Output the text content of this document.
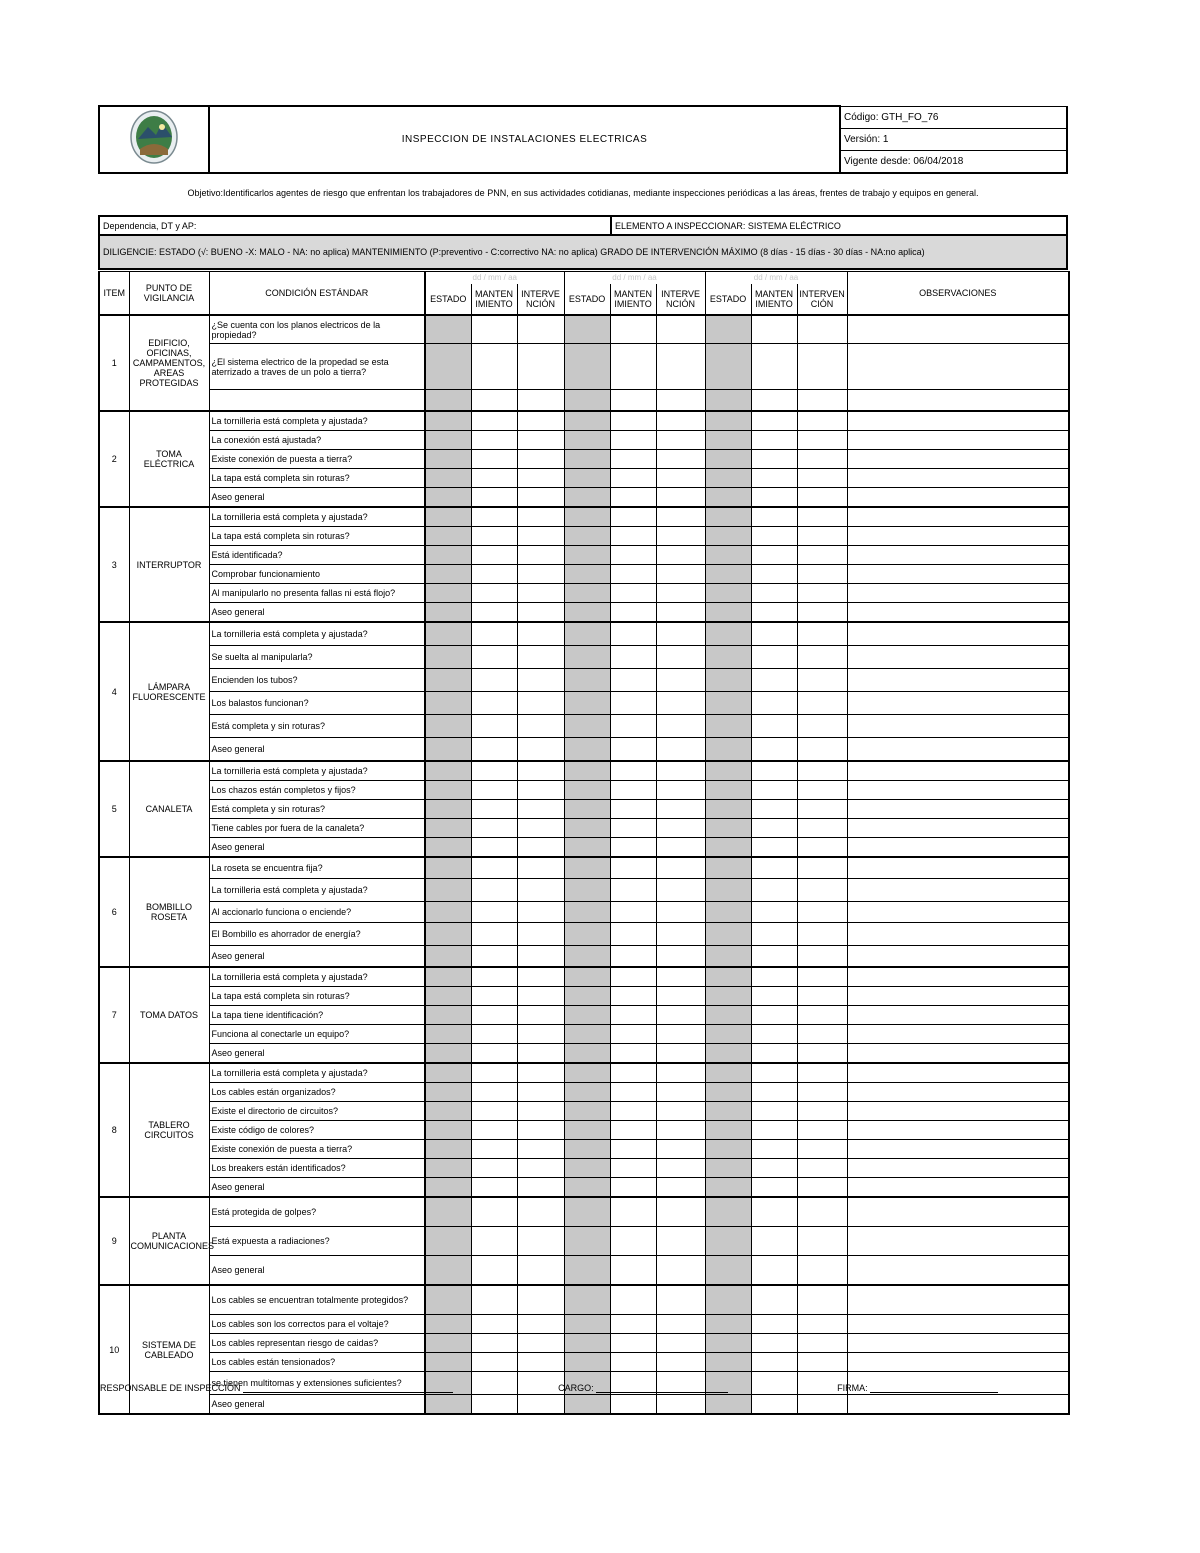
	INSPECCION DE INSTALACIONES ELECTRICAS	Código: GTH_FO_76
Versión: 1
Vigente desde: 06/04/2018
Objetivo:Identificarlos agentes de riesgo que enfrentan los trabajadores de PNN, en sus actividades cotidianas, mediante inspecciones periódicas a las áreas, frentes de trabajo y equipos en general.
Dependencia, DT y AP:	ELEMENTO A INSPECCIONAR: SISTEMA ELÉCTRICO
DILIGENCIE: ESTADO (√: BUENO -X: MALO - NA: no aplica) MANTENIMIENTO (P:preventivo - C:correctivo NA: no aplica) GRADO DE INTERVENCIÓN MÁXIMO (8 días - 15 días - 30 días - NA:no aplica)
ITEM	PUNTO DE VIGILANCIA	CONDICIÓN ESTÁNDAR	dd / mm / aa			dd / mm / aa			dd / mm / aa			OBSERVACIONES
			ESTADO	MANTEN IMIENTO	INTERVE NCIÓN	ESTADO	MANTEN IMIENTO	INTERVE NCIÓN	ESTADO	MANTEN IMIENTO	INTERVEN CIÓN	
1	EDIFICIO, OFICINAS, CAMPAMENTOS, AREAS PROTEGIDAS	¿Se cuenta con los planos electricos de la propiedad?										
		¿El sistema electrico de la propedad se esta aterrizado a traves de un polo a tierra?										

2	TOMA ELÉCTRICA	La tornilleria está completa y ajustada?										
		La conexión está ajustada?										
		Existe conexión de puesta a tierra?										
		La tapa está completa sin roturas?										
		Aseo general										
3	INTERRUPTOR	La tornilleria está completa y ajustada?										
		La tapa está completa sin roturas?										
		Está identificada?										
		Comprobar funcionamiento										
		Al manipularlo no presenta fallas ni está flojo?										
		Aseo general										
4	LÁMPARA FLUORESCENTE	La tornilleria está completa y ajustada?										
		Se suelta al manipularla?										
		Encienden los tubos?										
		Los balastos funcionan?										
		Está completa y sin roturas?										
		Aseo general										
5	CANALETA	La tornilleria está completa y ajustada?										
		Los chazos están completos y fijos?										
		Está completa y sin roturas?										
		Tiene cables por fuera de la canaleta?										
		Aseo general										
6	BOMBILLO ROSETA	La roseta se encuentra fija?										
		La tornilleria está completa y ajustada?										
		Al accionarlo funciona o enciende?										
		El Bombillo es ahorrador de energía?										
		Aseo general										
7	TOMA DATOS	La tornilleria está completa y ajustada?										
		La tapa está completa sin roturas?										
		La tapa tiene identificación?										
		Funciona al conectarle un equipo?										
		Aseo general										
8	TABLERO CIRCUITOS	La tornilleria está completa y ajustada?										
		Los cables están organizados?										
		Existe el directorio de circuitos?										
		Existe código de colores?										
		Existe conexión de puesta a tierra?										
		Los breakers están identificados?										
		Aseo general										
9	PLANTA COMUNICACIONES	Está protegida de golpes?										
		Está expuesta a radiaciones?										
		Aseo general										
10	SISTEMA DE CABLEADO	Los cables se encuentran totalmente protegidos?										
		Los cables son los correctos para el voltaje?										
		Los cables representan riesgo de caidas?										
		Los cables están tensionados?										
		se tienen multitomas y extensiones suficientes?										
		Aseo general										
RESPONSABLE DE INSPECCIÓN	CARGO:	FIRMA:
